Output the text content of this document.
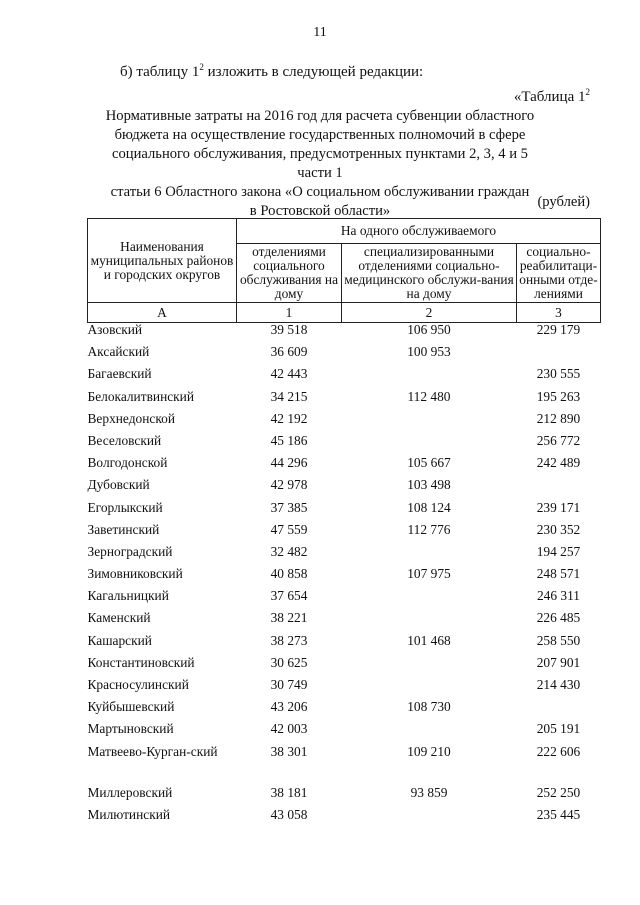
11
б) таблицу $1^2$ изложить в следующей редакции:
«Таблица $1^2$
Нормативные затраты на 2016 год для расчета субвенции областного
бюджета на осуществление государственных полномочий в сфере
социального обслуживания, предусмотренных пунктами 2, 3, 4 и 5 части 1
статьи 6 Областного закона «О социальном обслуживании граждан
в Ростовской области»
(рублей)
Наименования муниципальных районов и городских округов	На одного обслуживаемого		
	отделениями социального обслуживания на дому	специализированными отделениями социально-медицинского обслужи-вания на дому	социально-реабилитаци-онными отде-лениями
А	1	2	3
Азовский	39 518	106 950	229 179
Аксайский	36 609	100 953	
Багаевский	42 443		230 555
Белокалитвинский	34 215	112 480	195 263
Верхнедонской	42 192		212 890
Веселовский	45 186		256 772
Волгодонской	44 296	105 667	242 489
Дубовский	42 978	103 498	
Егорлыкский	37 385	108 124	239 171
Заветинский	47 559	112 776	230 352
Зерноградский	32 482		194 257
Зимовниковский	40 858	107 975	248 571
Кагальницкий	37 654		246 311
Каменский	38 221		226 485
Кашарский	38 273	101 468	258 550
Константиновский	30 625		207 901
Красносулинский	30 749		214 430
Куйбышевский	43 206	108 730	
Мартыновский	42 003		205 191
Матвеево-Курган-ский	38 301	109 210	222 606
Миллеровский	38 181	93 859	252 250
Милютинский	43 058		235 445
